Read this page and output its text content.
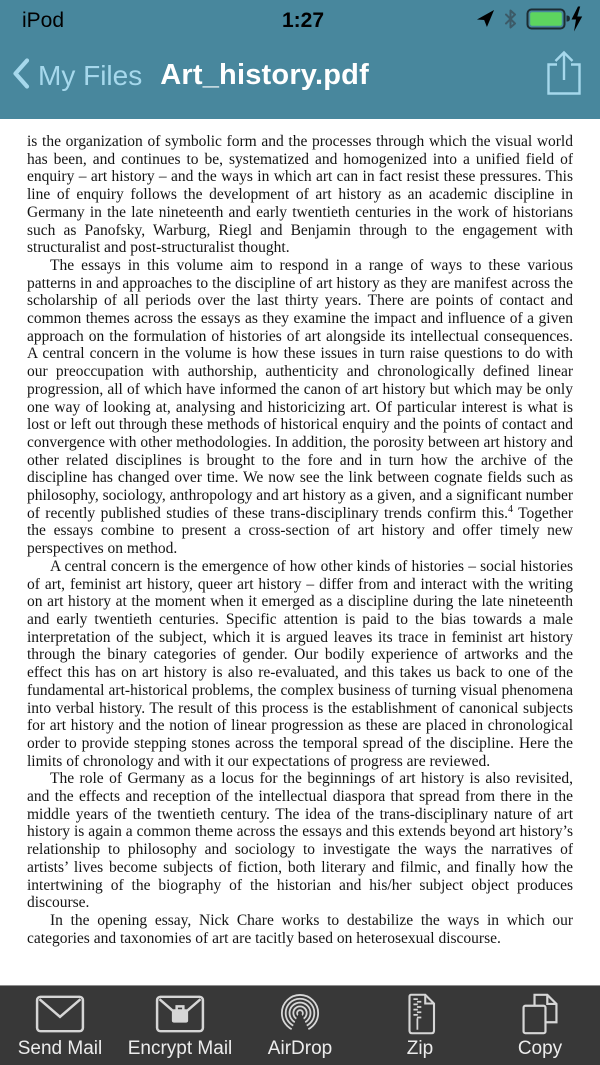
iPod	1:27
My Files Art_history.pdf

is the organization of symbolic form and the processes through which the visual world has been, and continues to be, systematized and homogenized into a unified field of enquiry – art history – and the ways in which art can in fact resist these pressures. This line of enquiry follows the development of art history as an academic discipline in Germany in the late nineteenth and early twentieth centuries in the work of historians such as Panofsky, Warburg, Riegl and Benjamin through to the engagement with structuralist and post-structuralist thought.

The essays in this volume aim to respond in a range of ways to these various patterns in and approaches to the discipline of art history as they are manifest across the scholarship of all periods over the last thirty years. There are points of contact and common themes across the essays as they examine the impact and influence of a given approach on the formulation of histories of art alongside its intellectual consequences. A central concern in the volume is how these issues in turn raise questions to do with our preoccupation with authorship, authenticity and chronologically defined linear progression, all of which have informed the canon of art history but which may be only one way of looking at, analysing and historicizing art. Of particular interest is what is lost or left out through these methods of historical enquiry and the points of contact and convergence with other methodologies. In addition, the porosity between art history and other related disciplines is brought to the fore and in turn how the archive of the discipline has changed over time. We now see the link between cognate fields such as philosophy, sociology, anthropology and art history as a given, and a significant number of recently published studies of these trans-disciplinary trends confirm this.$^4$ Together the essays combine to present a cross-section of art history and offer timely new perspectives on method.

A central concern is the emergence of how other kinds of histories – social histories of art, feminist art history, queer art history – differ from and interact with the writing on art history at the moment when it emerged as a discipline during the late nineteenth and early twentieth centuries. Specific attention is paid to the bias towards a male interpretation of the subject, which it is argued leaves its trace in feminist art history through the binary categories of gender. Our bodily experience of artworks and the effect this has on art history is also re-evaluated, and this takes us back to one of the fundamental art-historical problems, the complex business of turning visual phenomena into verbal history. The result of this process is the establishment of canonical subjects for art history and the notion of linear progression as these are placed in chronological order to provide stepping stones across the temporal spread of the discipline. Here the limits of chronology and with it our expectations of progress are reviewed.

The role of Germany as a locus for the beginnings of art history is also revisited, and the effects and reception of the intellectual diaspora that spread from there in the middle years of the twentieth century. The idea of the trans-disciplinary nature of art history is again a common theme across the essays and this extends beyond art history’s relationship to philosophy and sociology to investigate the ways the narratives of artists’ lives become subjects of fiction, both literary and filmic, and finally how the intertwining of the biography of the historian and his/her subject object produces discourse.

In the opening essay, Nick Chare works to destabilize the ways in which our categories and taxonomies of art are tacitly based on heterosexual discourse.

Send Mail Encrypt Mail AirDrop	Zip	Copy
